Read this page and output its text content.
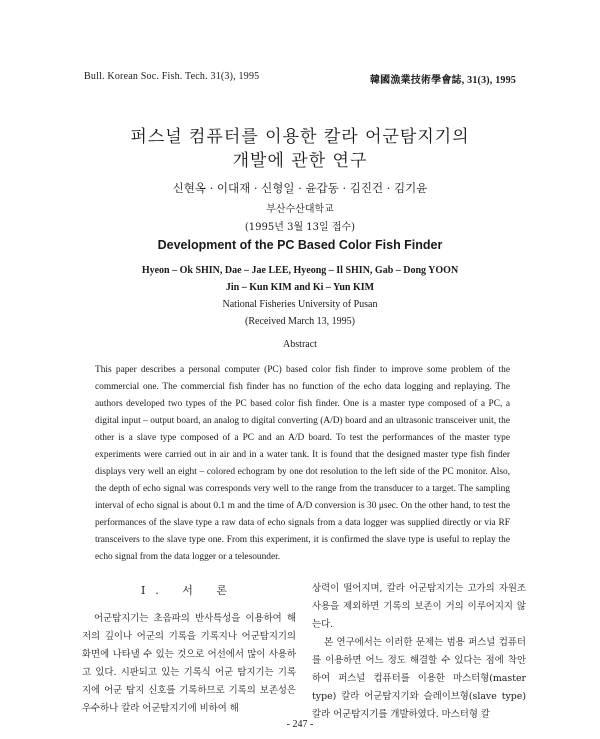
Bull. Korean Soc. Fish. Tech. 31(3), 1995	韓國漁業技術學會誌, 31(3), 1995
퍼스널 컴퓨터를 이용한 칼라 어군탐지기의
개발에 관한 연구
신현옥 · 이대재 · 신형일 · 윤갑동 · 김진건 · 김기윤
부산수산대학교
(1995년 3월 13일 접수)
Development of the PC Based Color Fish Finder
Hyeon – Ok SHIN, Dae – Jae LEE, Hyeong – Il SHIN, Gab – Dong YOON
Jin – Kun KIM and Ki – Yun KIM
National Fisheries University of Pusan
(Received March 13, 1995)
Abstract

This paper describes a personal computer (PC) based color fish finder to improve some problem of the commercial one. The commercial fish finder has no function of the echo data logging and replaying. The authors developed two types of the PC based color fish finder. One is a master type composed of a PC, a digital input – output board, an analog to digital converting (A/D) board and an ultrasonic transceiver unit, the other is a slave type composed of a PC and an A/D board. To test the performances of the master type experiments were carried out in air and in a water tank. It is found that the designed master type fish finder displays very well an eight – colored echogram by one dot resolution to the left side of the PC monitor. Also, the depth of echo signal was corresponds very well to the range from the transducer to a target. The sampling interval of echo signal is about 0.1 m and the time of A/D conversion is 30 μsec. On the other hand, to test the performances of the slave type a raw data of echo signals from a data logger was supplied directly or via RF transceivers to the slave type one. From this experiment, it is confirmed the slave type is useful to replay the echo signal from the data logger or a telesounder.

Ⅰ. 서 론

어군탐지기는 초음파의 반사특성을 이용하여 해저의 깊이나 어군의 기록을 기록지나 어군탐지기의 화면에 나타낼 수 있는 것으로 어선에서 많이 사용하고 있다. 시판되고 있는 기록식 어군 탐지기는 기록지에 어군 탐지 신호를 기록하므로 기록의 보존성은 우수하나 칼라 어군탐지기에 비하여 해

상력이 떨어지며, 칼라 어군탐지기는 고가의 자원조사용을 제외하면 기록의 보존이 거의 이루어지지 않는다.

본 연구에서는 이러한 문제는 범용 퍼스널 컴퓨터를 이용하면 어느 정도 해결할 수 있다는 점에 착안하여 퍼스널 컴퓨터를 이용한 마스터형(master type) 칼라 어군탐지기와 슬레이브형(slave type) 칼라 어군탐지기를 개발하였다. 마스터형 칼

- 247 -
